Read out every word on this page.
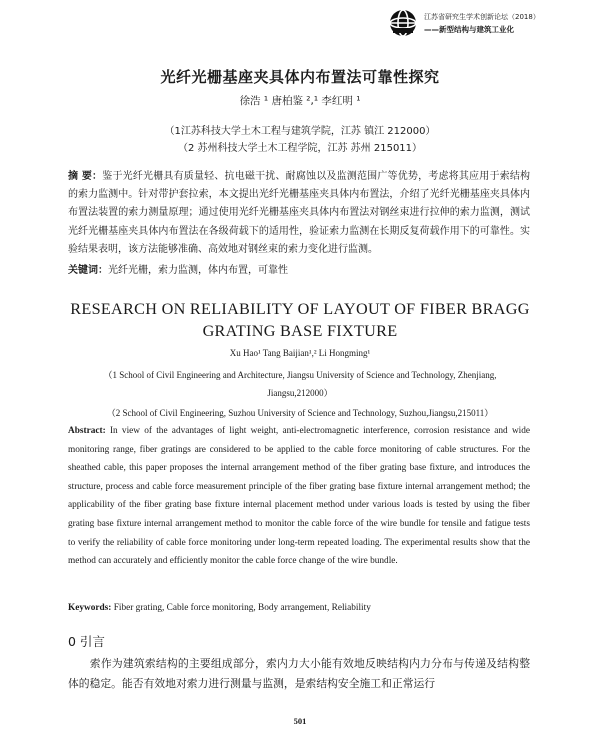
江苏省研究生学术创新论坛（2018）
——新型结构与建筑工业化
光纤光栅基座夹具体内布置法可靠性探究
徐浩 ¹ 唐柏鉴 ²,¹ 李红明 ¹
（1江苏科技大学土木工程与建筑学院，江苏 镇江 212000）
（2 苏州科技大学土木工程学院，江苏 苏州 215011）
摘 要：鉴于光纤光栅具有质量轻、抗电磁干扰、耐腐蚀以及监测范围广等优势，考虑将其应用于索结构的索力监测中。针对带护套拉索，本文提出光纤光栅基座夹具体内布置法，介绍了光纤光栅基座夹具体内布置法装置的索力测量原理；通过使用光纤光栅基座夹具体内布置法对钢丝束进行拉伸的索力监测，测试光纤光栅基座夹具体内布置法在各级荷载下的适用性，验证索力监测在长期反复荷载作用下的可靠性。实验结果表明，该方法能够准确、高效地对钢丝束的索力变化进行监测。
关键词：光纤光栅，索力监测，体内布置，可靠性
RESEARCH ON RELIABILITY OF LAYOUT OF FIBER BRAGG
GRATING BASE FIXTURE
Xu Hao¹ Tang Baijian¹,² Li Hongming¹
（1 School of Civil Engineering and Architecture, Jiangsu University of Science and Technology, Zhenjiang,
Jiangsu,212000）
（2 School of Civil Engineering, Suzhou University of Science and Technology, Suzhou,Jiangsu,215011）
Abstract: In view of the advantages of light weight, anti-electromagnetic interference, corrosion resistance and wide monitoring range, fiber gratings are considered to be applied to the cable force monitoring of cable structures. For the sheathed cable, this paper proposes the internal arrangement method of the fiber grating base fixture, and introduces the structure, process and cable force measurement principle of the fiber grating base fixture internal arrangement method; the applicability of the fiber grating base fixture internal placement method under various loads is tested by using the fiber grating base fixture internal arrangement method to monitor the cable force of the wire bundle for tensile and fatigue tests to verify the reliability of cable force monitoring under long-term repeated loading. The experimental results show that the method can accurately and efficiently monitor the cable force change of the wire bundle.
Keywords: Fiber grating, Cable force monitoring, Body arrangement, Reliability
0 引言
索作为建筑索结构的主要组成部分，索内力大小能有效地反映结构内力分布与传递及结构整体的稳定。能否有效地对索力进行测量与监测，是索结构安全施工和正常运行
501
